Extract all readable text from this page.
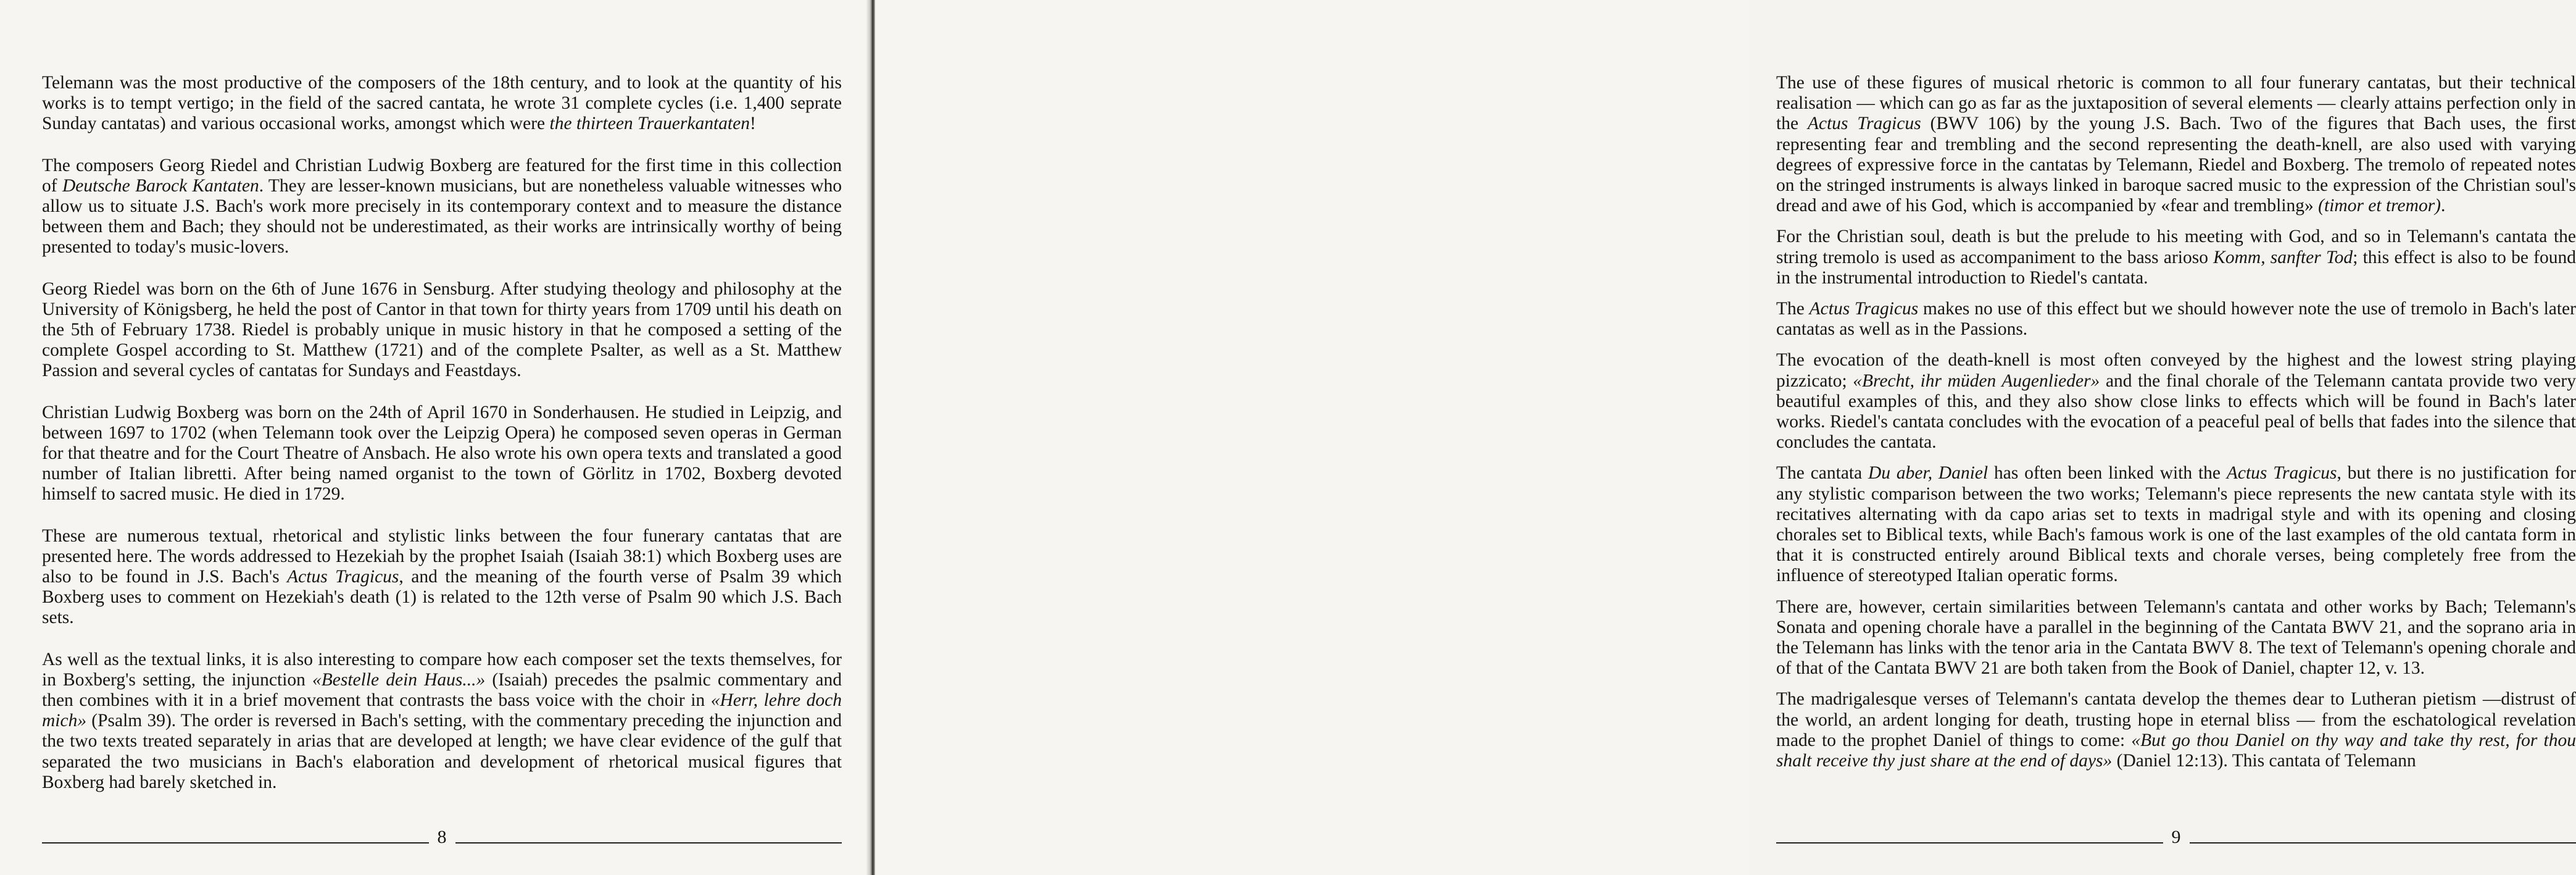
Telemann was the most productive of the composers of the 18th century, and to look at the quantity of his works is to tempt vertigo; in the field of the sacred cantata, he wrote 31 complete cycles (i.e. 1,400 seprate Sunday cantatas) and various occasional works, amongst which were the thirteen Trauerkantaten!

The composers Georg Riedel and Christian Ludwig Boxberg are featured for the first time in this collection of Deutsche Barock Kantaten. They are lesser-known musicians, but are nonetheless valuable witnesses who allow us to situate J.S. Bach's work more precisely in its contemporary context and to measure the distance between them and Bach; they should not be underestimated, as their works are intrinsically worthy of being presented to today's music-lovers.

Georg Riedel was born on the 6th of June 1676 in Sensburg. After studying theology and philosophy at the University of Königsberg, he held the post of Cantor in that town for thirty years from 1709 until his death on the 5th of February 1738. Riedel is probably unique in music history in that he composed a setting of the complete Gospel according to St. Matthew (1721) and of the complete Psalter, as well as a St. Matthew Passion and several cycles of cantatas for Sundays and Feastdays.

Christian Ludwig Boxberg was born on the 24th of April 1670 in Sonderhausen. He studied in Leipzig, and between 1697 to 1702 (when Telemann took over the Leipzig Opera) he composed seven operas in German for that theatre and for the Court Theatre of Ansbach. He also wrote his own opera texts and translated a good number of Italian libretti. After being named organist to the town of Görlitz in 1702, Boxberg devoted himself to sacred music. He died in 1729.

These are numerous textual, rhetorical and stylistic links between the four funerary cantatas that are presented here. The words addressed to Hezekiah by the prophet Isaiah (Isaiah 38:1) which Boxberg uses are also to be found in J.S. Bach's Actus Tragicus, and the meaning of the fourth verse of Psalm 39 which Boxberg uses to comment on Hezekiah's death (1) is related to the 12th verse of Psalm 90 which J.S. Bach sets.

As well as the textual links, it is also interesting to compare how each composer set the texts themselves, for in Boxberg's setting, the injunction «Bestelle dein Haus...» (Isaiah) precedes the psalmic commentary and then combines with it in a brief movement that contrasts the bass voice with the choir in «Herr, lehre doch mich» (Psalm 39). The order is reversed in Bach's setting, with the commentary preceding the injunction and the two texts treated separately in arias that are developed at length; we have clear evidence of the gulf that separated the two musicians in Bach's elaboration and development of rhetorical musical figures that Boxberg had barely sketched in.

8

The use of these figures of musical rhetoric is common to all four funerary cantatas, but their technical realisation — which can go as far as the juxtaposition of several elements — clearly attains perfection only in the Actus Tragicus (BWV 106) by the young J.S. Bach. Two of the figures that Bach uses, the first representing fear and trembling and the second representing the death-knell, are also used with varying degrees of expressive force in the cantatas by Telemann, Riedel and Boxberg. The tremolo of repeated notes on the stringed instruments is always linked in baroque sacred music to the expression of the Christian soul's dread and awe of his God, which is accompanied by «fear and trembling» (timor et tremor).

For the Christian soul, death is but the prelude to his meeting with God, and so in Telemann's cantata the string tremolo is used as accompaniment to the bass arioso Komm, sanfter Tod; this effect is also to be found in the instrumental introduction to Riedel's cantata.

The Actus Tragicus makes no use of this effect but we should however note the use of tremolo in Bach's later cantatas as well as in the Passions.

The evocation of the death-knell is most often conveyed by the highest and the lowest string playing pizzicato; «Brecht, ihr müden Augenlieder» and the final chorale of the Telemann cantata provide two very beautiful examples of this, and they also show close links to effects which will be found in Bach's later works. Riedel's cantata concludes with the evocation of a peaceful peal of bells that fades into the silence that concludes the cantata.

The cantata Du aber, Daniel has often been linked with the Actus Tragicus, but there is no justification for any stylistic comparison between the two works; Telemann's piece represents the new cantata style with its recitatives alternating with da capo arias set to texts in madrigal style and with its opening and closing chorales set to Biblical texts, while Bach's famous work is one of the last examples of the old cantata form in that it is constructed entirely around Biblical texts and chorale verses, being completely free from the influence of stereotyped Italian operatic forms.

There are, however, certain similarities between Telemann's cantata and other works by Bach; Telemann's Sonata and opening chorale have a parallel in the beginning of the Cantata BWV 21, and the soprano aria in the Telemann has links with the tenor aria in the Cantata BWV 8. The text of Telemann's opening chorale and of that of the Cantata BWV 21 are both taken from the Book of Daniel, chapter 12, v. 13.

The madrigalesque verses of Telemann's cantata develop the themes dear to Lutheran pietism —distrust of the world, an ardent longing for death, trusting hope in eternal bliss — from the eschatological revelation made to the prophet Daniel of things to come: «But go thou Daniel on thy way and take thy rest, for thou shalt receive thy just share at the end of days» (Daniel 12:13). This cantata of Telemann

9
